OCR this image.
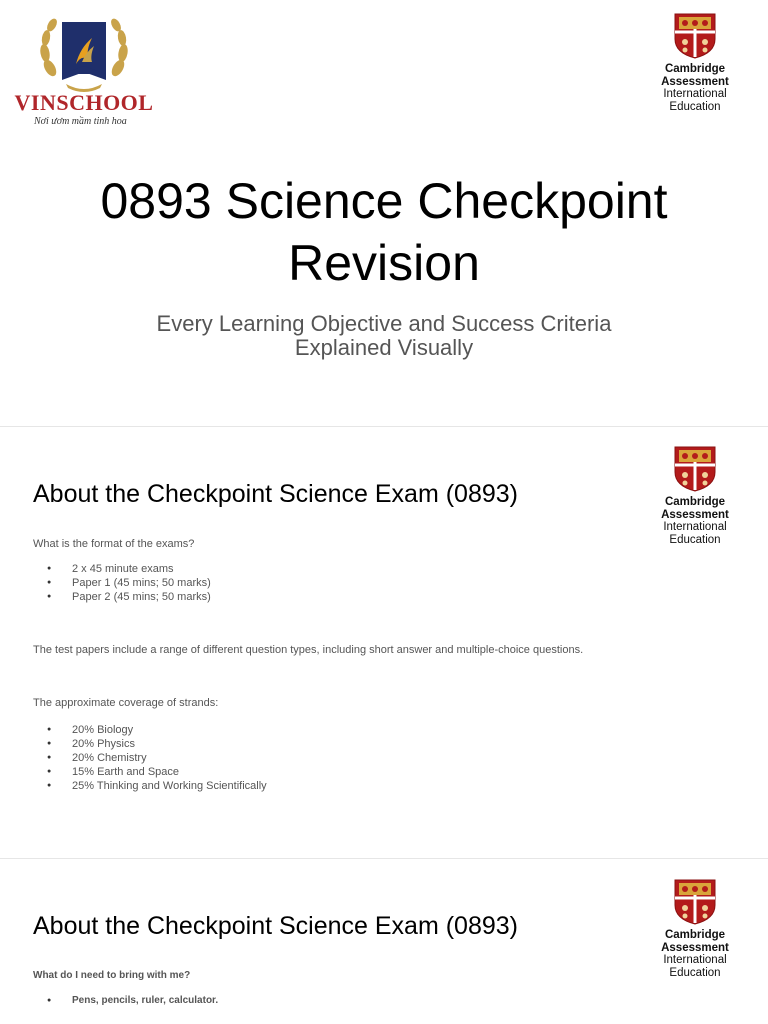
VINSCHOOL
Nơi ươm mầm tinh hoa
Cambridge
Assessment
International
Education
0893 Science Checkpoint
Revision
Every Learning Objective and Success Criteria
Explained Visually
Cambridge
Assessment
International
Education
About the Checkpoint Science Exam (0893)

What is the format of the exams?

● 2 x 45 minute exams
● Paper 1 (45 mins; 50 marks)
● Paper 2 (45 mins; 50 marks)

The test papers include a range of different question types, including short answer and multiple-choice questions.

The approximate coverage of strands:

● 20% Biology
● 20% Physics
● 20% Chemistry
● 15% Earth and Space
● 25% Thinking and Working Scientifically
Cambridge
Assessment
International
Education
About the Checkpoint Science Exam (0893)

What do I need to bring with me?

● Pens, pencils, ruler, calculator.
